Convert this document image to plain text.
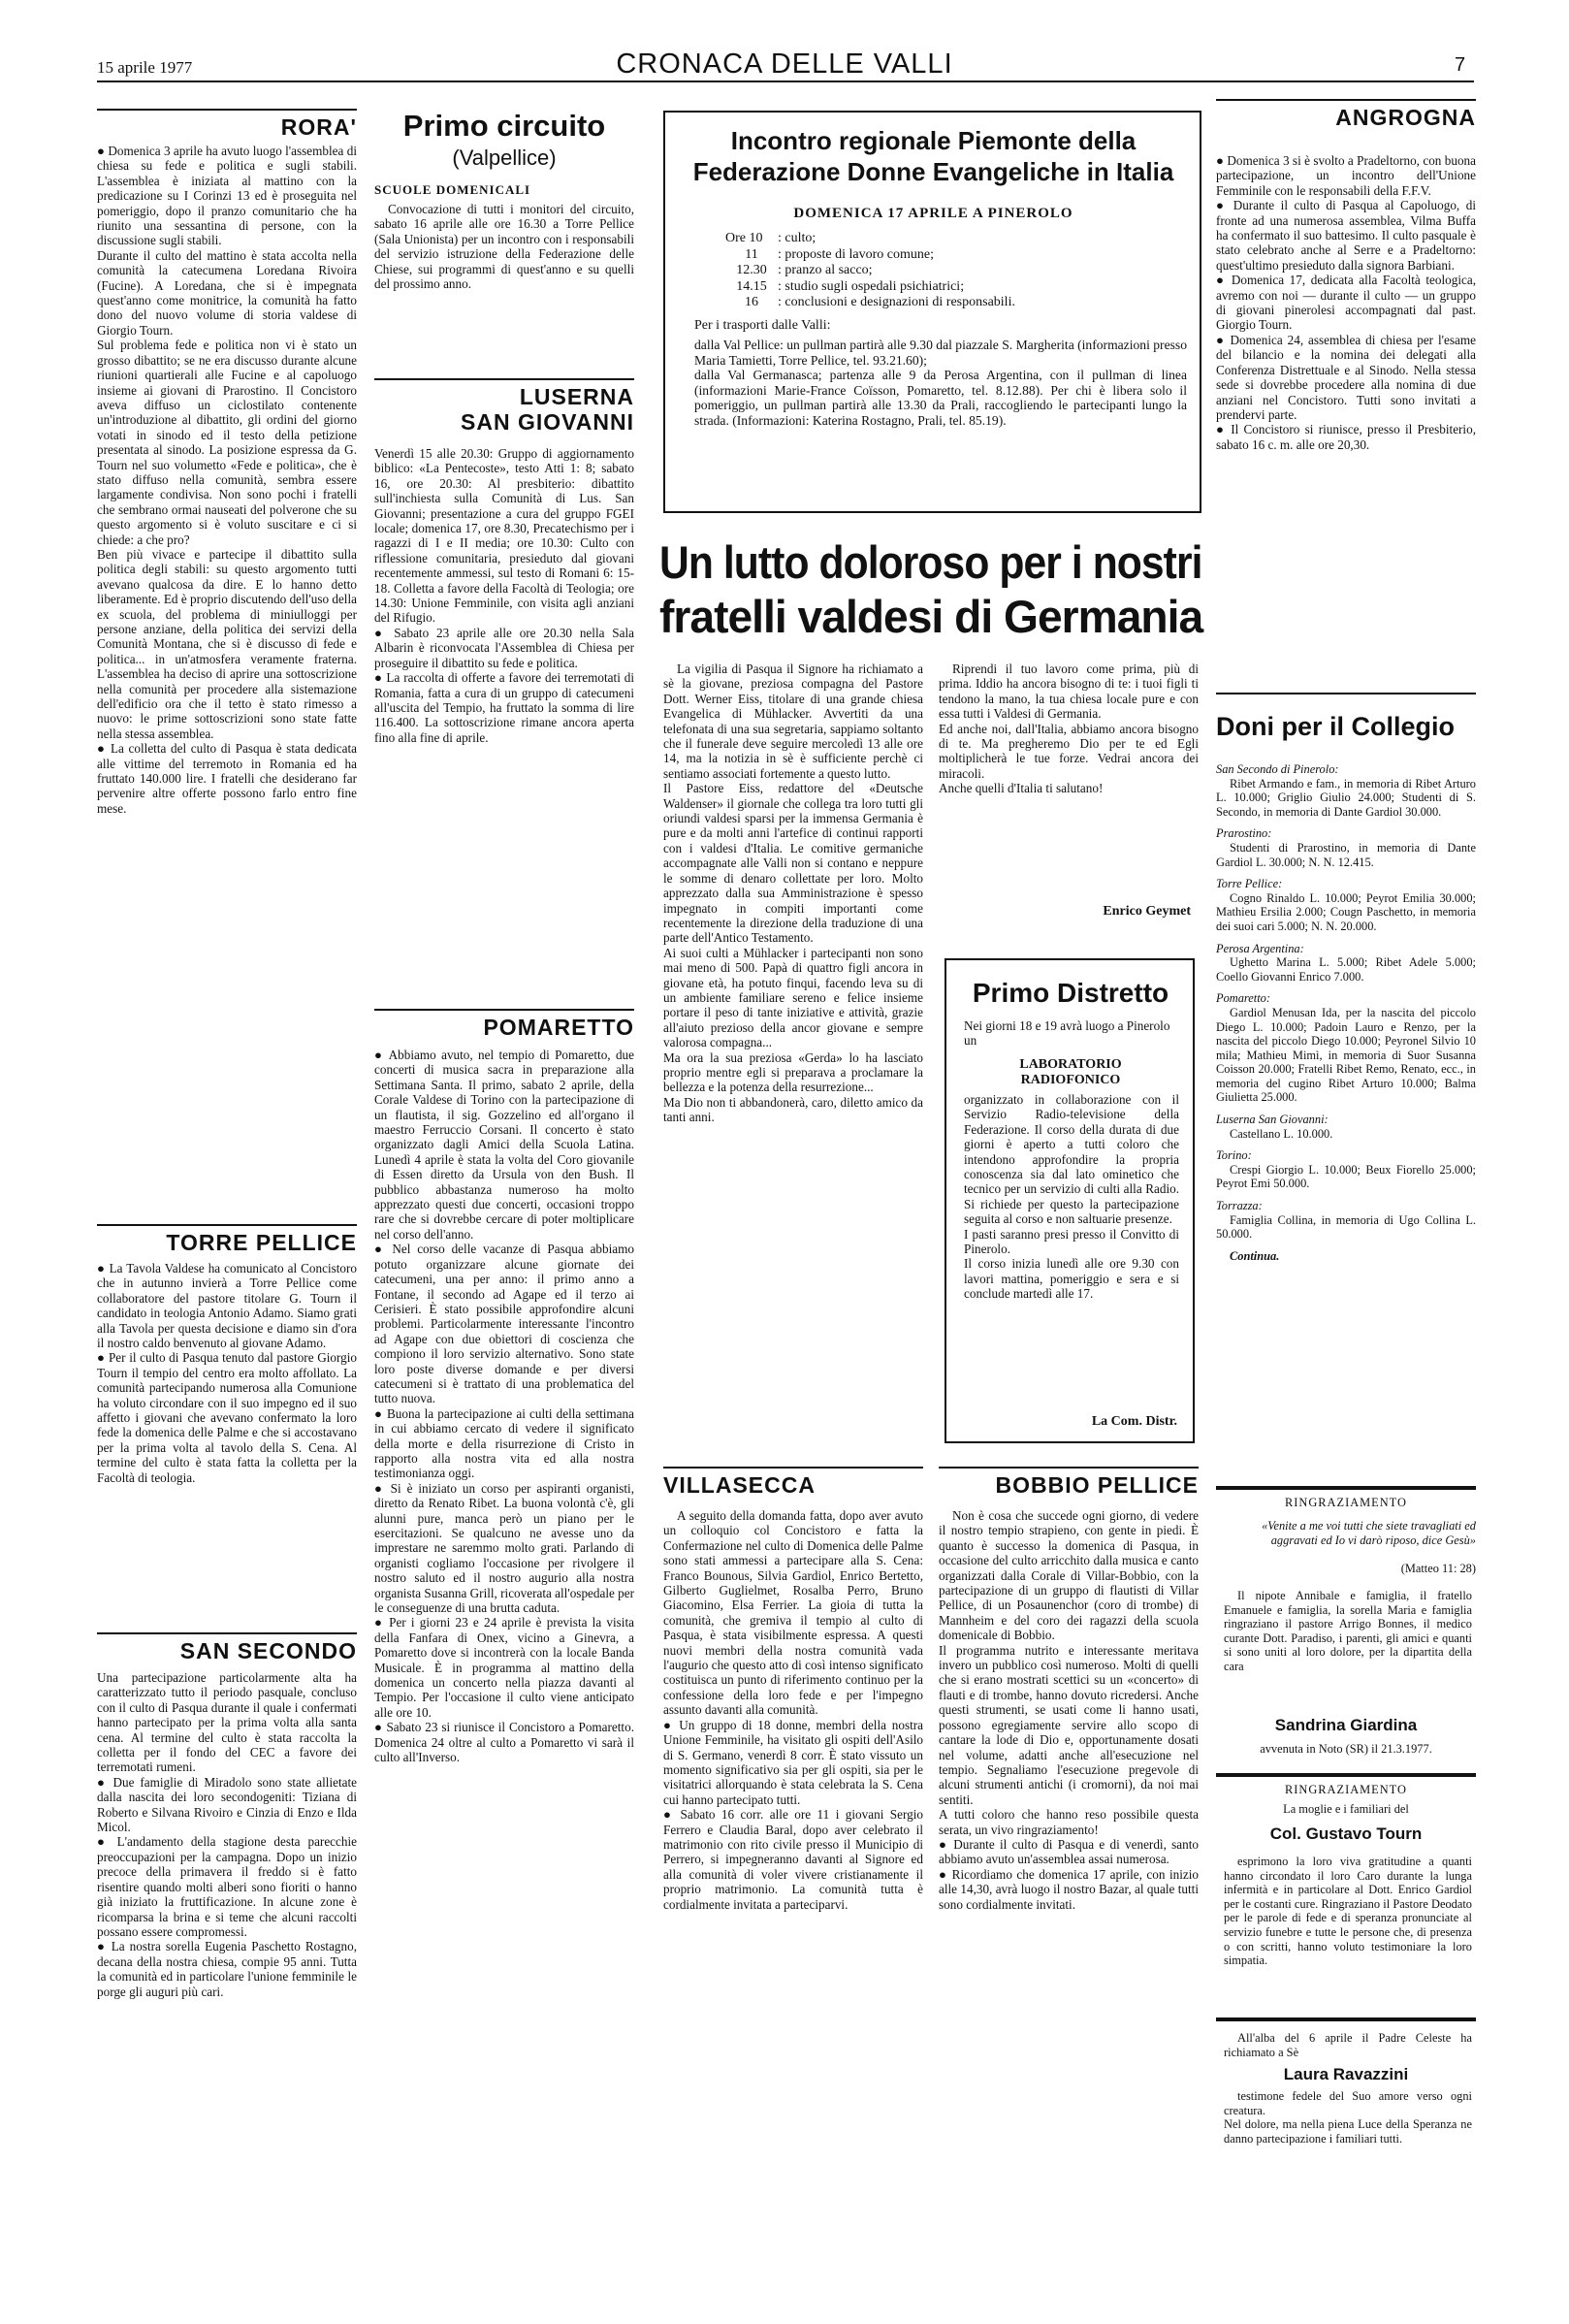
15 aprile 1977	CRONACA DELLE VALLI	7
RORA'
● Domenica 3 aprile ha avuto luogo l'assemblea di chiesa su fede e politica e sugli stabili. L'assemblea è iniziata al mattino con la predicazione su I Corinzi 13 ed è proseguita nel pomeriggio, dopo il pranzo comunitario che ha riunito una sessantina di persone, con la discussione sugli stabili.
Durante il culto del mattino è stata accolta nella comunità la catecumena Loredana Rivoira (Fucine). A Loredana, che si è impegnata quest'anno come monitrice, la comunità ha fatto dono del nuovo volume di storia valdese di Giorgio Tourn.
Sul problema fede e politica non vi è stato un grosso dibattito; se ne era discusso durante alcune riunioni quartierali alle Fucine e al capoluogo insieme ai giovani di Prarostino. Il Concistoro aveva diffuso un ciclostilato contenente un'introduzione al dibattito, gli ordini del giorno votati in sinodo ed il testo della petizione presentata al sinodo. La posizione espressa da G. Tourn nel suo volumetto «Fede e politica», che è stato diffuso nella comunità, sembra essere largamente condivisa. Non sono pochi i fratelli che sembrano ormai nauseati del polverone che su questo argomento si è voluto suscitare e ci si chiede: a che pro?
Ben più vivace e partecipe il dibattito sulla politica degli stabili: su questo argomento tutti avevano qualcosa da dire. E lo hanno detto liberamente. Ed è proprio discutendo dell'uso della ex scuola, del problema di miniulloggi per persone anziane, della politica dei servizi della Comunità Montana, che si è discusso di fede e politica... in un'atmosfera veramente fraterna. L'assemblea ha deciso di aprire una sottoscrizione nella comunità per procedere alla sistemazione dell'edificio ora che il tetto è stato rimesso a nuovo: le prime sottoscrizioni sono state fatte nella stessa assemblea.
● La colletta del culto di Pasqua è stata dedicata alle vittime del terremoto in Romania ed ha fruttato 140.000 lire. I fratelli che desiderano far pervenire altre offerte possono farlo entro fine mese.
TORRE PELLICE
● La Tavola Valdese ha comunicato al Concistoro che in autunno invierà a Torre Pellice come collaboratore del pastore titolare G. Tourn il candidato in teologia Antonio Adamo. Siamo grati alla Tavola per questa decisione e diamo sin d'ora il nostro caldo benvenuto al giovane Adamo.
● Per il culto di Pasqua tenuto dal pastore Giorgio Tourn il tempio del centro era molto affollato. La comunità partecipando numerosa alla Comunione ha voluto circondare con il suo impegno ed il suo affetto i giovani che avevano confermato la loro fede la domenica delle Palme e che si accostavano per la prima volta al tavolo della S. Cena. Al termine del culto è stata fatta la colletta per la Facoltà di teologia.
SAN SECONDO
Una partecipazione particolarmente alta ha caratterizzato tutto il periodo pasquale, concluso con il culto di Pasqua durante il quale i confermati hanno partecipato per la prima volta alla santa cena. Al termine del culto è stata raccolta la colletta per il fondo del CEC a favore dei terremotati rumeni.
● Due famiglie di Miradolo sono state allietate dalla nascita dei loro secondogeniti: Tiziana di Roberto e Silvana Rivoiro e Cinzia di Enzo e Ilda Micol.
● L'andamento della stagione desta parecchie preoccupazioni per la campagna. Dopo un inizio precoce della primavera il freddo si è fatto risentire quando molti alberi sono fioriti o hanno già iniziato la fruttificazione. In alcune zone è ricomparsa la brina e si teme che alcuni raccolti possano essere compromessi.
● La nostra sorella Eugenia Paschetto Rostagno, decana della nostra chiesa, compie 95 anni. Tutta la comunità ed in particolare l'unione femminile le porge gli auguri più cari.
Primo circuito
(Valpellice)
SCUOLE DOMENICALI
Convocazione di tutti i monitori del circuito, sabato 16 aprile alle ore 16.30 a Torre Pellice (Sala Unionista) per un incontro con i responsabili del servizio istruzione della Federazione delle Chiese, sui programmi di quest'anno e su quelli del prossimo anno.
LUSERNA
SAN GIOVANNI
Venerdì 15 alle 20.30: Gruppo di aggiornamento biblico: «La Pentecoste», testo Atti 1: 8; sabato 16, ore 20.30: Al presbiterio: dibattito sull'inchiesta sulla Comunità di Lus. San Giovanni; presentazione a cura del gruppo FGEI locale; domenica 17, ore 8.30, Precatechismo per i ragazzi di I e II media; ore 10.30: Culto con riflessione comunitaria, presieduto dal giovani recentemente ammessi, sul testo di Romani 6: 15-18. Colletta a favore della Facoltà di Teologia; ore 14.30: Unione Femminile, con visita agli anziani del Rifugio.
● Sabato 23 aprile alle ore 20.30 nella Sala Albarin è riconvocata l'Assemblea di Chiesa per proseguire il dibattito su fede e politica.
● La raccolta di offerte a favore dei terremotati di Romania, fatta a cura di un gruppo di catecumeni all'uscita del Tempio, ha fruttato la somma di lire 116.400. La sottoscrizione rimane ancora aperta fino alla fine di aprile.
POMARETTO
● Abbiamo avuto, nel tempio di Pomaretto, due concerti di musica sacra in preparazione alla Settimana Santa. Il primo, sabato 2 aprile, della Corale Valdese di Torino con la partecipazione di un flautista, il sig. Gozzelino ed all'organo il maestro Ferruccio Corsani. Il concerto è stato organizzato dagli Amici della Scuola Latina. Lunedì 4 aprile è stata la volta del Coro giovanile di Essen diretto da Ursula von den Bush. Il pubblico abbastanza numeroso ha molto apprezzato questi due concerti, occasioni troppo rare che si dovrebbe cercare di poter moltiplicare nel corso dell'anno.
● Nel corso delle vacanze di Pasqua abbiamo potuto organizzare alcune giornate dei catecumeni, una per anno: il primo anno a Fontane, il secondo ad Agape ed il terzo ai Cerisieri. È stato possibile approfondire alcuni problemi. Particolarmente interessante l'incontro ad Agape con due obiettori di coscienza che compiono il loro servizio alternativo. Sono state loro poste diverse domande e per diversi catecumeni si è trattato di una problematica del tutto nuova.
● Buona la partecipazione ai culti della settimana in cui abbiamo cercato di vedere il significato della morte e della risurrezione di Cristo in rapporto alla nostra vita ed alla nostra testimonianza oggi.
● Si è iniziato un corso per aspiranti organisti, diretto da Renato Ribet. La buona volontà c'è, gli alunni pure, manca però un piano per le esercitazioni. Se qualcuno ne avesse uno da imprestare ne saremmo molto grati. Parlando di organisti cogliamo l'occasione per rivolgere il nostro saluto ed il nostro augurio alla nostra organista Susanna Grill, ricoverata all'ospedale per le conseguenze di una brutta caduta.
● Per i giorni 23 e 24 aprile è prevista la visita della Fanfara di Onex, vicino a Ginevra, a Pomaretto dove si incontrerà con la locale Banda Musicale. È in programma al mattino della domenica un concerto nella piazza davanti al Tempio. Per l'occasione il culto viene anticipato alle ore 10.
● Sabato 23 si riunisce il Concistoro a Pomaretto. Domenica 24 oltre al culto a Pomaretto vi sarà il culto all'Inverso.
Incontro regionale Piemonte della
Federazione Donne Evangeliche in Italia
DOMENICA 17 APRILE A PINEROLO
Ore 10 : culto;
11 : proposte di lavoro comune;
12.30 : pranzo al sacco;
14.15 : studio sugli ospedali psichiatrici;
16 : conclusioni e designazioni di responsabili.
Per i trasporti dalle Valli:
dalla Val Pellice: un pullman partirà alle 9.30 dal piazzale S. Margherita (informazioni presso Maria Tamietti, Torre Pellice, tel. 93.21.60);
dalla Val Germanasca; partenza alle 9 da Perosa Argentina, con il pullman di linea (informazioni Marie-France Coïsson, Pomaretto, tel. 8.12.88). Per chi è libera solo il pomeriggio, un pullman partirà alle 13.30 da Prali, raccogliendo le partecipanti lungo la strada. (Informazioni: Katerina Rostagno, Prali, tel. 85.19).
Un lutto doloroso per i nostri
fratelli valdesi di Germania
La vigilia di Pasqua il Signore ha richiamato a sè la giovane, preziosa compagna del Pastore Dott. Werner Eiss, titolare di una grande chiesa Evangelica di Mühlacker. Avvertiti da una telefonata di una sua segretaria, sappiamo soltanto che il funerale deve seguire mercoledì 13 alle ore 14, ma la notizia in sè è sufficiente perchè ci sentiamo associati fortemente a questo lutto.
Il Pastore Eiss, redattore del «Deutsche Waldenser» il giornale che collega tra loro tutti gli oriundi valdesi sparsi per la immensa Germania è pure e da molti anni l'artefice di continui rapporti con i valdesi d'Italia. Le comitive germaniche accompagnate alle Valli non si contano e neppure le somme di denaro collettate per loro. Molto apprezzato dalla sua Amministrazione è spesso impegnato in compiti importanti come recentemente la direzione della traduzione di una parte dell'Antico Testamento.
Ai suoi culti a Mühlacker i partecipanti non sono mai meno di 500. Papà di quattro figli ancora in giovane età, ha potuto finqui, facendo leva su di un ambiente familiare sereno e felice insieme portare il peso di tante iniziative e attività, grazie all'aiuto prezioso della ancor giovane e sempre valorosa compagna...
Ma ora la sua preziosa «Gerda» lo ha lasciato proprio mentre egli si preparava a proclamare la bellezza e la potenza della resurrezione...
Ma Dio non ti abbandonerà, caro, diletto amico da tanti anni.
Riprendi il tuo lavoro come prima, più di prima. Iddio ha ancora bisogno di te: i tuoi figli ti tendono la mano, la tua chiesa locale pure e con essa tutti i Valdesi di Germania.
Ed anche noi, dall'Italia, abbiamo ancora bisogno di te. Ma pregheremo Dio per te ed Egli moltiplicherà le tue forze. Vedrai ancora dei miracoli.
Anche quelli d'Italia ti salutano!
Enrico Geymet
Primo Distretto
Nei giorni 18 e 19 avrà luogo a Pinerolo un
LABORATORIO RADIOFONICO
organizzato in collaborazione con il Servizio Radio-televisione della Federazione. Il corso della durata di due giorni è aperto a tutti coloro che intendono approfondire la propria conoscenza sia dal lato ominetico che tecnico per un servizio di culti alla Radio. Si richiede per questo la partecipazione seguita al corso e non saltuarie presenze.
I pasti saranno presi presso il Convitto di Pinerolo.
Il corso inizia lunedì alle ore 9.30 con lavori mattina, pomeriggio e sera e si conclude martedì alle 17.
La Com. Distr.
VILLASECCA
A seguito della domanda fatta, dopo aver avuto un colloquio col Concistoro e fatta la Confermazione nel culto di Domenica delle Palme sono stati ammessi a partecipare alla S. Cena: Franco Bounous, Silvia Gardiol, Enrico Bertetto, Gilberto Guglielmet, Rosalba Perro, Bruno Giacomino, Elsa Ferrier. La gioia di tutta la comunità, che gremiva il tempio al culto di Pasqua, è stata visibilmente espressa. A questi nuovi membri della nostra comunità vada l'augurio che questo atto di così intenso significato costituisca un punto di riferimento continuo per la confessione della loro fede e per l'impegno assunto davanti alla comunità.
● Un gruppo di 18 donne, membri della nostra Unione Femminile, ha visitato gli ospiti dell'Asilo di S. Germano, venerdì 8 corr. È stato vissuto un momento significativo sia per gli ospiti, sia per le visitatrici allorquando è stata celebrata la S. Cena cui hanno partecipato tutti.
● Sabato 16 corr. alle ore 11 i giovani Sergio Ferrero e Claudia Baral, dopo aver celebrato il matrimonio con rito civile presso il Municipio di Perrero, si impegneranno davanti al Signore ed alla comunità di voler vivere cristianamente il proprio matrimonio. La comunità tutta è cordialmente invitata a parteciparvi.
BOBBIO PELLICE
Non è cosa che succede ogni giorno, di vedere il nostro tempio strapieno, con gente in piedi. È quanto è successo la domenica di Pasqua, in occasione del culto arricchito dalla musica e canto organizzati dalla Corale di Villar-Bobbio, con la partecipazione di un gruppo di flautisti di Villar Pellice, di un Posaunenchor (coro di trombe) di Mannheim e del coro dei ragazzi della scuola domenicale di Bobbio.
Il programma nutrito e interessante meritava invero un pubblico così numeroso. Molti di quelli che si erano mostrati scettici su un «concerto» di flauti e di trombe, hanno dovuto ricredersi. Anche questi strumenti, se usati come li hanno usati, possono egregiamente servire allo scopo di cantare la lode di Dio e, opportunamente dosati nel volume, adatti anche all'esecuzione nel tempio. Segnaliamo l'esecuzione pregevole di alcuni strumenti antichi (i cromorni), da noi mai sentiti.
A tutti coloro che hanno reso possibile questa serata, un vivo ringraziamento!
● Durante il culto di Pasqua e di venerdì, santo abbiamo avuto un'assemblea assai numerosa.
● Ricordiamo che domenica 17 aprile, con inizio alle 14,30, avrà luogo il nostro Bazar, al quale tutti sono cordialmente invitati.
ANGROGNA
● Domenica 3 si è svolto a Pradeltorno, con buona partecipazione, un incontro dell'Unione Femminile con le responsabili della F.F.V.
● Durante il culto di Pasqua al Capoluogo, di fronte ad una numerosa assemblea, Vilma Buffa ha confermato il suo battesimo. Il culto pasquale è stato celebrato anche al Serre e a Pradeltorno: quest'ultimo presieduto dalla signora Barbiani.
● Domenica 17, dedicata alla Facoltà teologica, avremo con noi — durante il culto — un gruppo di giovani pinerolesi accompagnati dal past. Giorgio Tourn.
● Domenica 24, assemblea di chiesa per l'esame del bilancio e la nomina dei delegati alla Conferenza Distrettuale e al Sinodo. Nella stessa sede si dovrebbe procedere alla nomina di due anziani nel Concistoro. Tutti sono invitati a prendervi parte.
● Il Concistoro si riunisce, presso il Presbiterio, sabato 16 c. m. alle ore 20,30.
Doni per il Collegio
San Secondo di Pinerolo:
Ribet Armando e fam., in memoria di Ribet Arturo L. 10.000; Griglio Giulio 24.000; Studenti di S. Secondo, in memoria di Dante Gardiol 30.000.
Prarostino:
Studenti di Prarostino, in memoria di Dante Gardiol L. 30.000; N. N. 12.415.
Torre Pellice:
Cogno Rinaldo L. 10.000; Peyrot Emilia 30.000; Mathieu Ersilia 2.000; Cougn Paschetto, in memoria dei suoi cari 5.000; N. N. 20.000.
Perosa Argentina:
Ughetto Marina L. 5.000; Ribet Adele 5.000; Coello Giovanni Enrico 7.000.
Pomaretto:
Gardiol Menusan Ida, per la nascita del piccolo Diego L. 10.000; Padoin Lauro e Renzo, per la nascita del piccolo Diego 10.000; Peyronel Silvio 10 mila; Mathieu Mimì, in memoria di Suor Susanna Coisson 20.000; Fratelli Ribet Remo, Renato, ecc., in memoria del cugino Ribet Arturo 10.000; Balma Giulietta 25.000.
Luserna San Giovanni:
Castellano L. 10.000.
Torino:
Crespi Giorgio L. 10.000; Beux Fiorello 25.000; Peyrot Emi 50.000.
Torrazza:
Famiglia Collina, in memoria di Ugo Collina L. 50.000.
Continua.
RINGRAZIAMENTO
«Venite a me voi tutti che siete travagliati ed aggravati ed Io vi darò riposo, dice Gesù»
(Matteo 11: 28)
Il nipote Annibale e famiglia, il fratello Emanuele e famiglia, la sorella Maria e famiglia ringraziano il pastore Arrigo Bonnes, il medico curante Dott. Paradiso, i parenti, gli amici e quanti si sono uniti al loro dolore, per la dipartita della cara
Sandrina Giardina
avvenuta in Noto (SR) il 21.3.1977.
RINGRAZIAMENTO
La moglie e i familiari del
Col. Gustavo Tourn
esprimono la loro viva gratitudine a quanti hanno circondato il loro Caro durante la lunga infermità e in particolare al Dott. Enrico Gardiol per le costanti cure. Ringraziano il Pastore Deodato per le parole di fede e di speranza pronunciate al servizio funebre e tutte le persone che, di presenza o con scritti, hanno voluto testimoniare la loro simpatia.
All'alba del 6 aprile il Padre Celeste ha richiamato a Sè
Laura Ravazzini
testimone fedele del Suo amore verso ogni creatura.
Nel dolore, ma nella piena Luce della Speranza ne danno partecipazione i familiari tutti.
